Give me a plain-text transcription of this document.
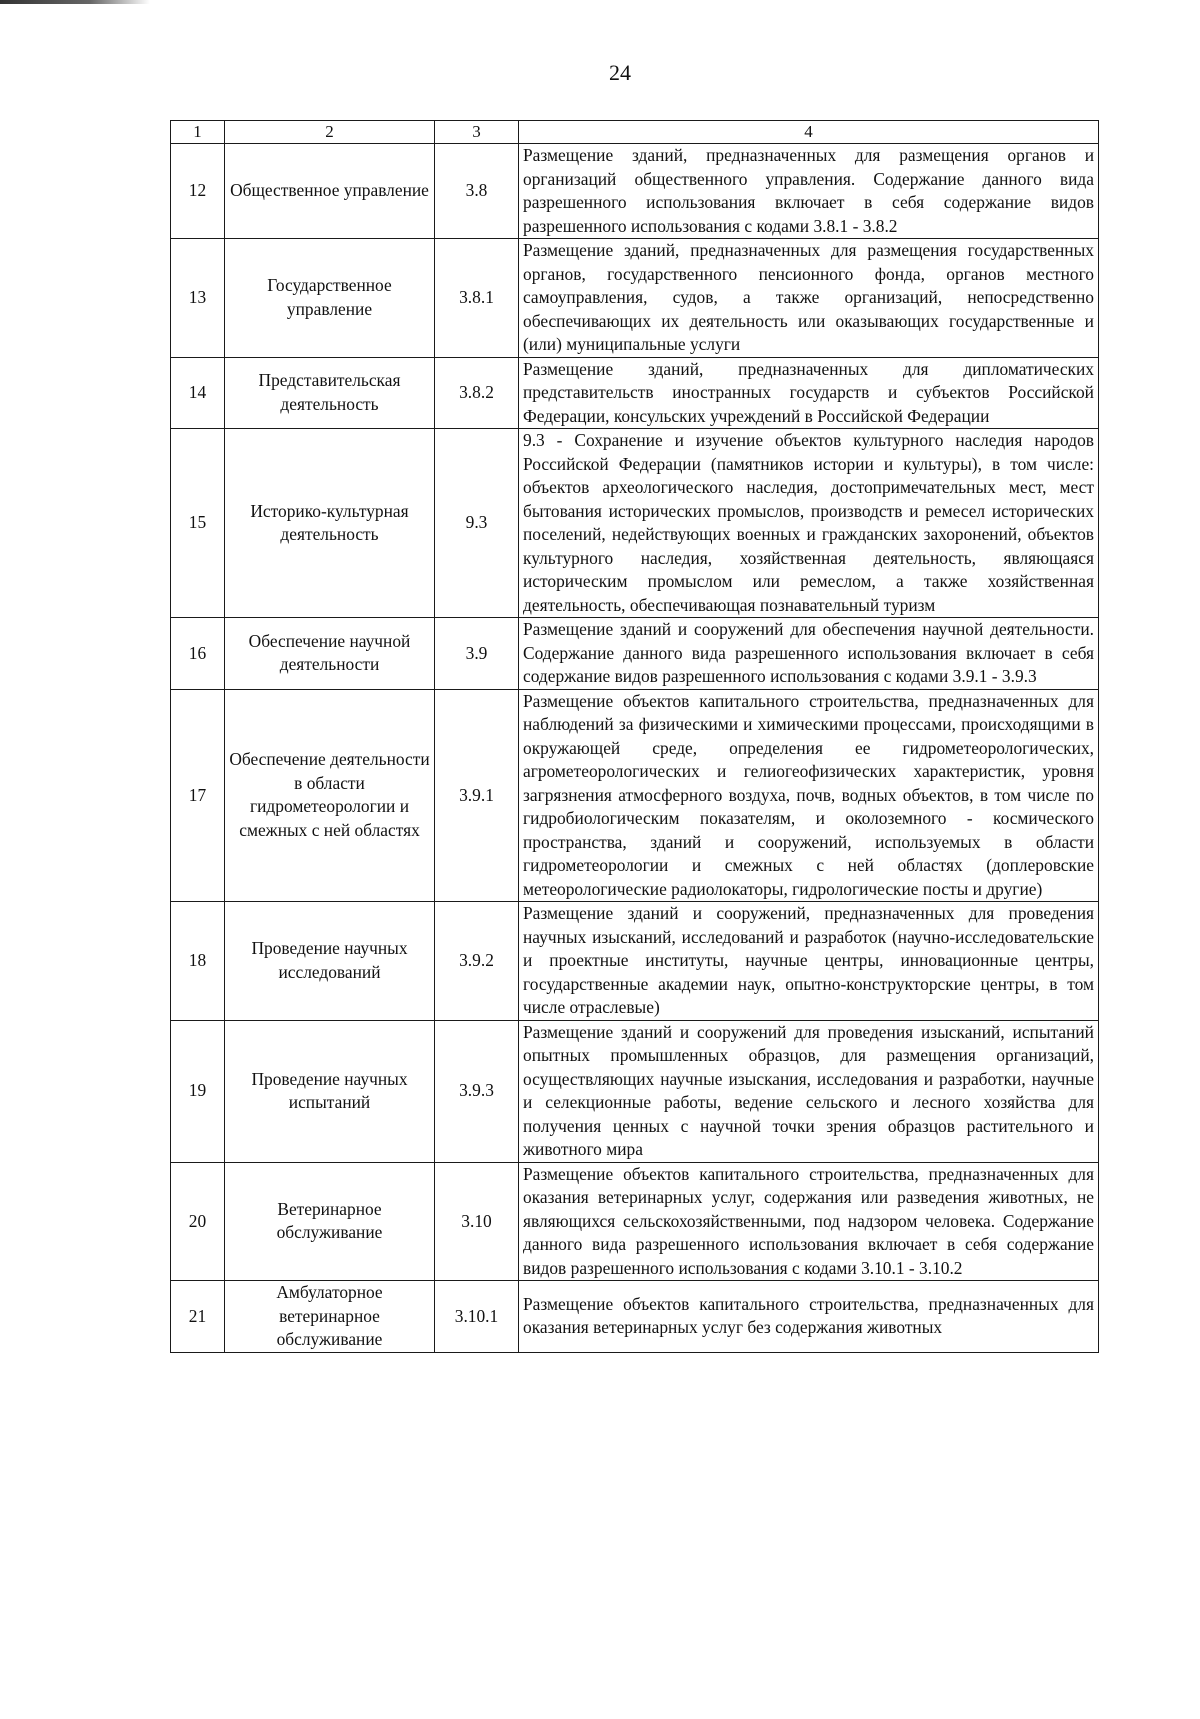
24
1	2	3	4
12	Общественное управление	3.8	Размещение зданий, предназначенных для размещения органов и организаций общественного управления. Содержание данного вида разрешенного использования включает в себя содержание видов разрешенного использования с кодами 3.8.1 - 3.8.2
13	Государственное управление	3.8.1	Размещение зданий, предназначенных для размещения государственных органов, государственного пенсионного фонда, органов местного самоуправления, судов, а также организаций, непосредственно обеспечивающих их деятельность или оказывающих государственные и (или) муниципальные услуги
14	Представительская деятельность	3.8.2	Размещение зданий, предназначенных для дипломатических представительств иностранных государств и субъектов Российской Федерации, консульских учреждений в Российской Федерации
15	Историко-культурная деятельность	9.3	9.3 - Сохранение и изучение объектов культурного наследия народов Российской Федерации (памятников истории и культуры), в том числе: объектов археологического наследия, достопримечательных мест, мест бытования исторических промыслов, производств и ремесел исторических поселений, недействующих военных и гражданских захоронений, объектов культурного наследия, хозяйственная деятельность, являющаяся историческим промыслом или ремеслом, а также хозяйственная деятельность, обеспечивающая познавательный туризм
16	Обеспечение научной деятельности	3.9	Размещение зданий и сооружений для обеспечения научной деятельности. Содержание данного вида разрешенного использования включает в себя содержание видов разрешенного использования с кодами 3.9.1 - 3.9.3
17	Обеспечение деятельности в области гидрометеорологии и смежных с ней областях	3.9.1	Размещение объектов капитального строительства, предназначенных для наблюдений за физическими и химическими процессами, происходящими в окружающей среде, определения ее гидрометеорологических, агрометеорологических и гелиогеофизических характеристик, уровня загрязнения атмосферного воздуха, почв, водных объектов, в том числе по гидробиологическим показателям, и околоземного - космического пространства, зданий и сооружений, используемых в области гидрометеорологии и смежных с ней областях (доплеровские метеорологические радиолокаторы, гидрологические посты и другие)
18	Проведение научных исследований	3.9.2	Размещение зданий и сооружений, предназначенных для проведения научных изысканий, исследований и разработок (научно-исследовательские и проектные институты, научные центры, инновационные центры, государственные академии наук, опытно-конструкторские центры, в том числе отраслевые)
19	Проведение научных испытаний	3.9.3	Размещение зданий и сооружений для проведения изысканий, испытаний опытных промышленных образцов, для размещения организаций, осуществляющих научные изыскания, исследования и разработки, научные и селекционные работы, ведение сельского и лесного хозяйства для получения ценных с научной точки зрения образцов растительного и животного мира
20	Ветеринарное обслуживание	3.10	Размещение объектов капитального строительства, предназначенных для оказания ветеринарных услуг, содержания или разведения животных, не являющихся сельскохозяйственными, под надзором человека. Содержание данного вида разрешенного использования включает в себя содержание видов разрешенного использования с кодами 3.10.1 - 3.10.2
21	Амбулаторное ветеринарное обслуживание	3.10.1	Размещение объектов капитального строительства, предназначенных для оказания ветеринарных услуг без содержания животных
